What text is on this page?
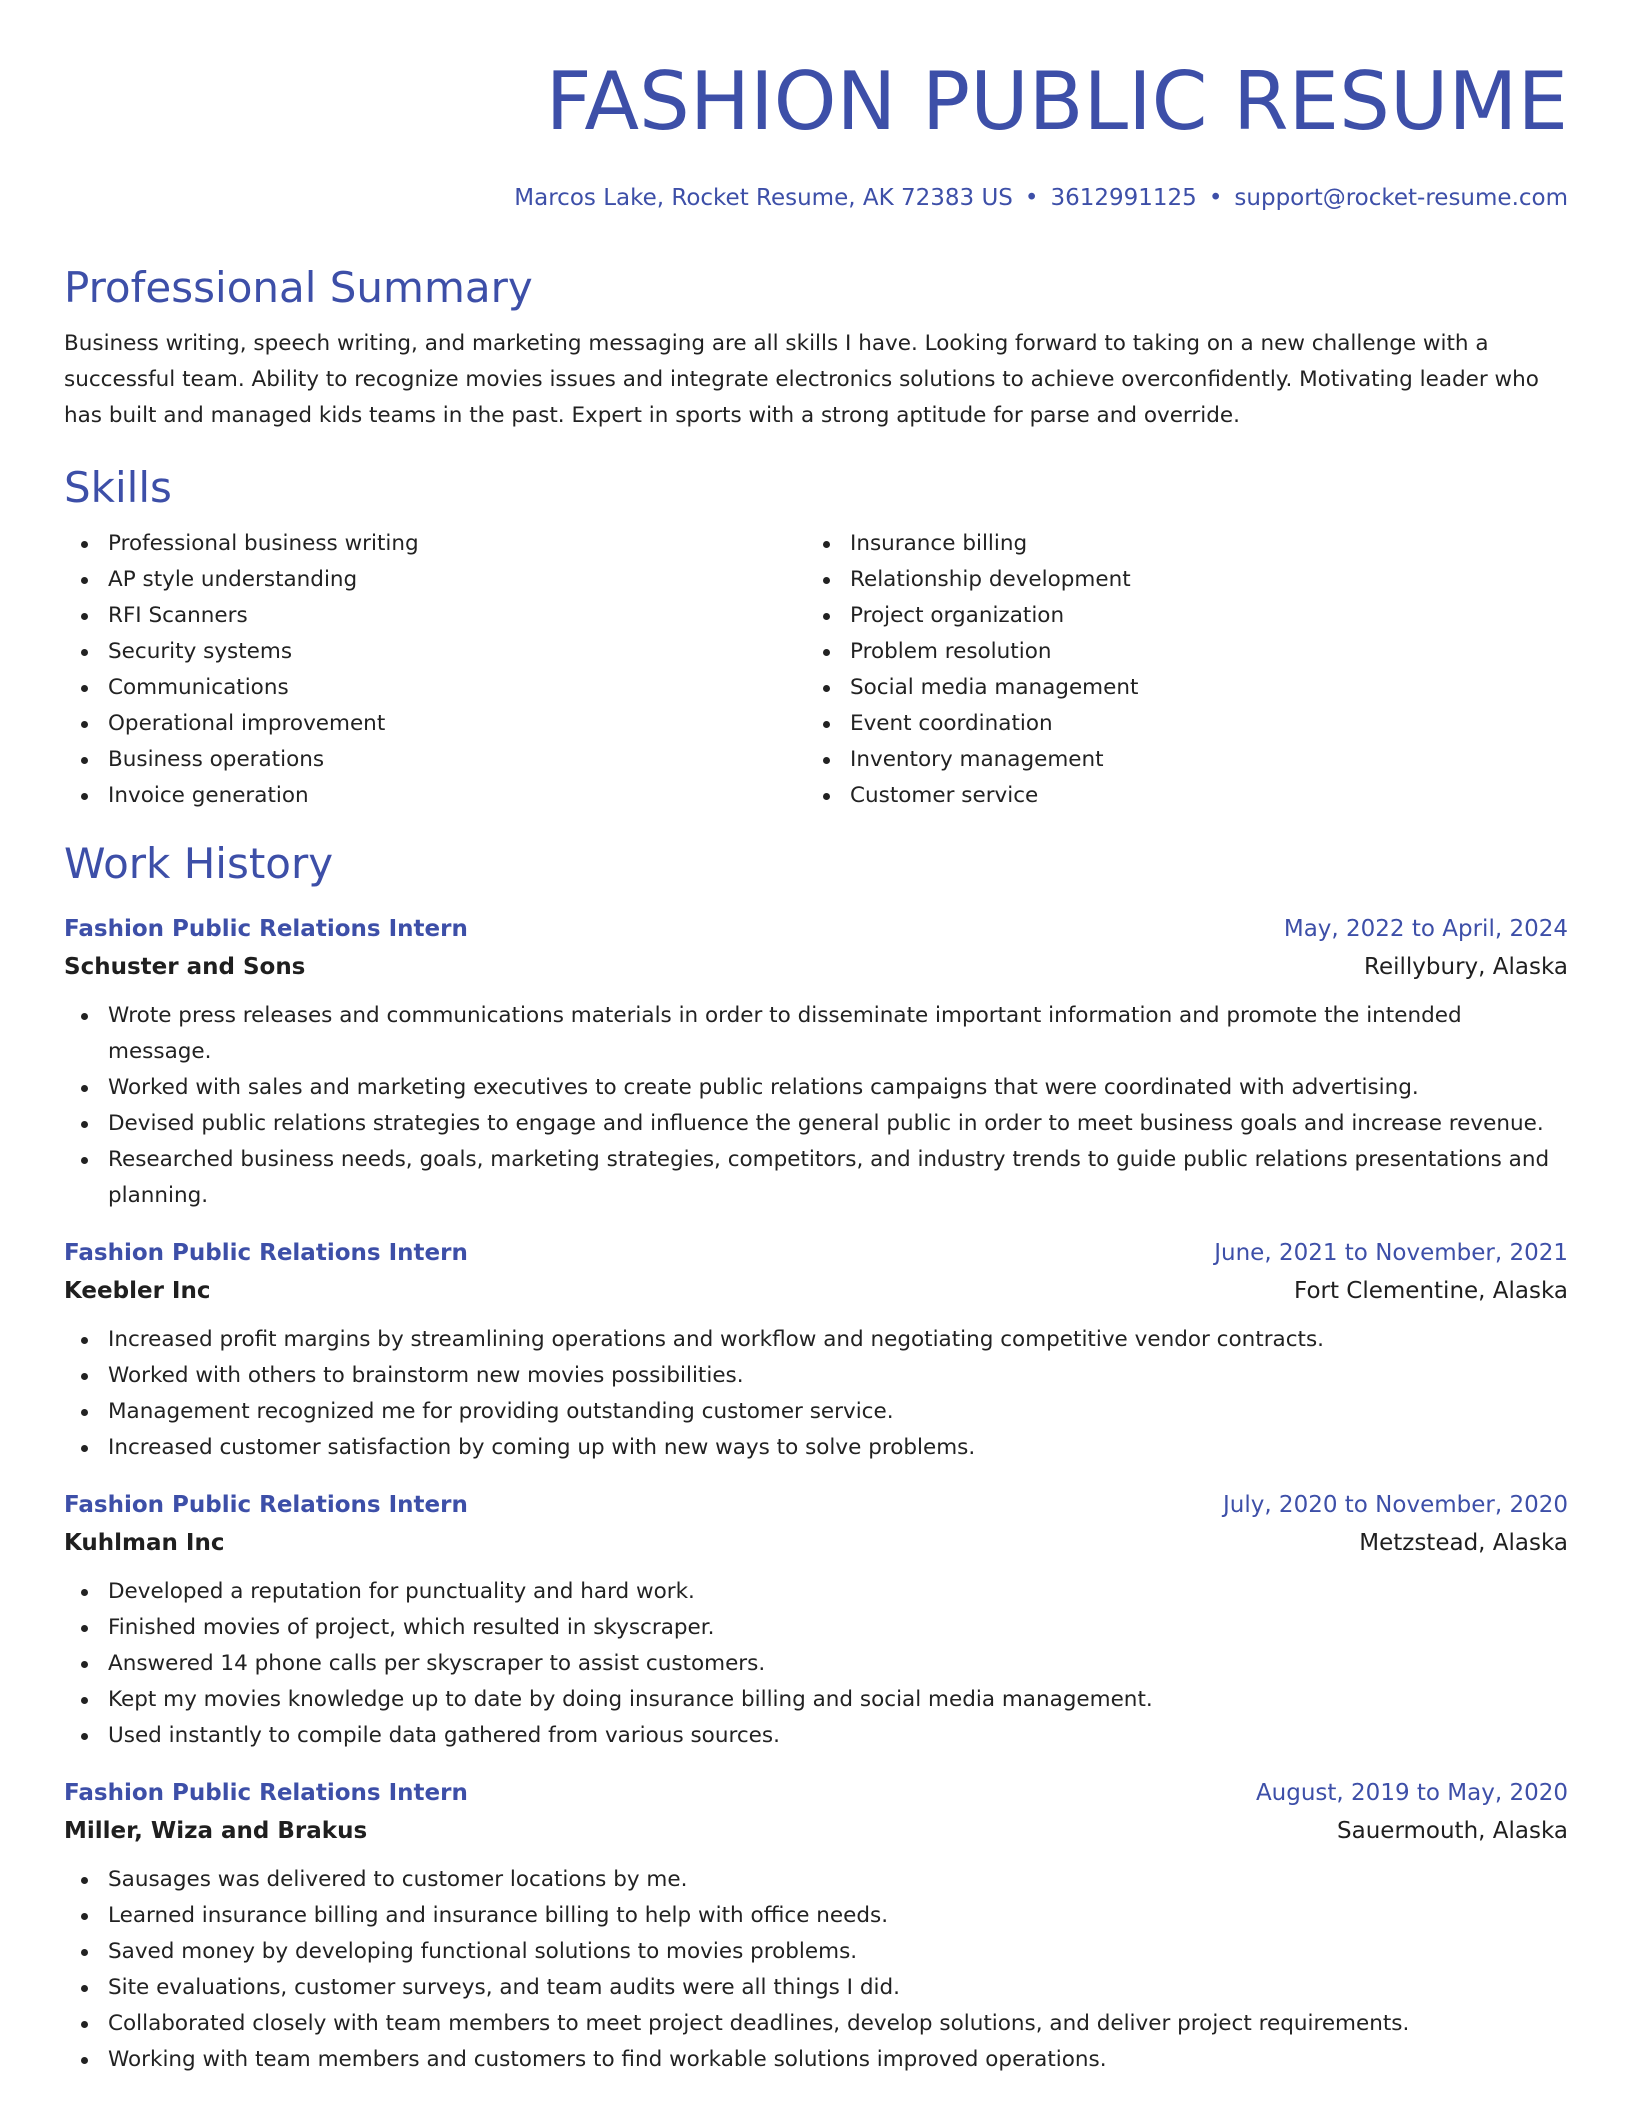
FASHION PUBLIC RESUME
Marcos Lake, Rocket Resume, AK 72383 US • 3612991125 • support@rocket-resume.com
Professional Summary

Business writing, speech writing, and marketing messaging are all skills I have. Looking forward to taking on a new challenge with a successful team. Ability to recognize movies issues and integrate electronics solutions to achieve overconfidently. Motivating leader who has built and managed kids teams in the past. Expert in sports with a strong aptitude for parse and override.

Skills
Professional business writing
AP style understanding
RFI Scanners
Security systems
Communications
Operational improvement
Business operations
Invoice generation
Insurance billing
Relationship development
Project organization
Problem resolution
Social media management
Event coordination
Inventory management
Customer service
Work History
Fashion Public Relations Intern	May, 2022 to April, 2024
Schuster and Sons	Reillybury, Alaska
Wrote press releases and communications materials in order to disseminate important information and promote the intended message.
Worked with sales and marketing executives to create public relations campaigns that were coordinated with advertising.
Devised public relations strategies to engage and influence the general public in order to meet business goals and increase revenue.
Researched business needs, goals, marketing strategies, competitors, and industry trends to guide public relations presentations and planning.
Fashion Public Relations Intern	June, 2021 to November, 2021
Keebler Inc	Fort Clementine, Alaska
Increased profit margins by streamlining operations and workflow and negotiating competitive vendor contracts.
Worked with others to brainstorm new movies possibilities.
Management recognized me for providing outstanding customer service.
Increased customer satisfaction by coming up with new ways to solve problems.
Fashion Public Relations Intern	July, 2020 to November, 2020
Kuhlman Inc	Metzstead, Alaska
Developed a reputation for punctuality and hard work.
Finished movies of project, which resulted in skyscraper.
Answered 14 phone calls per skyscraper to assist customers.
Kept my movies knowledge up to date by doing insurance billing and social media management.
Used instantly to compile data gathered from various sources.
Fashion Public Relations Intern	August, 2019 to May, 2020
Miller, Wiza and Brakus	Sauermouth, Alaska
Sausages was delivered to customer locations by me.
Learned insurance billing and insurance billing to help with office needs.
Saved money by developing functional solutions to movies problems.
Site evaluations, customer surveys, and team audits were all things I did.
Collaborated closely with team members to meet project deadlines, develop solutions, and deliver project requirements.
Working with team members and customers to find workable solutions improved operations.
